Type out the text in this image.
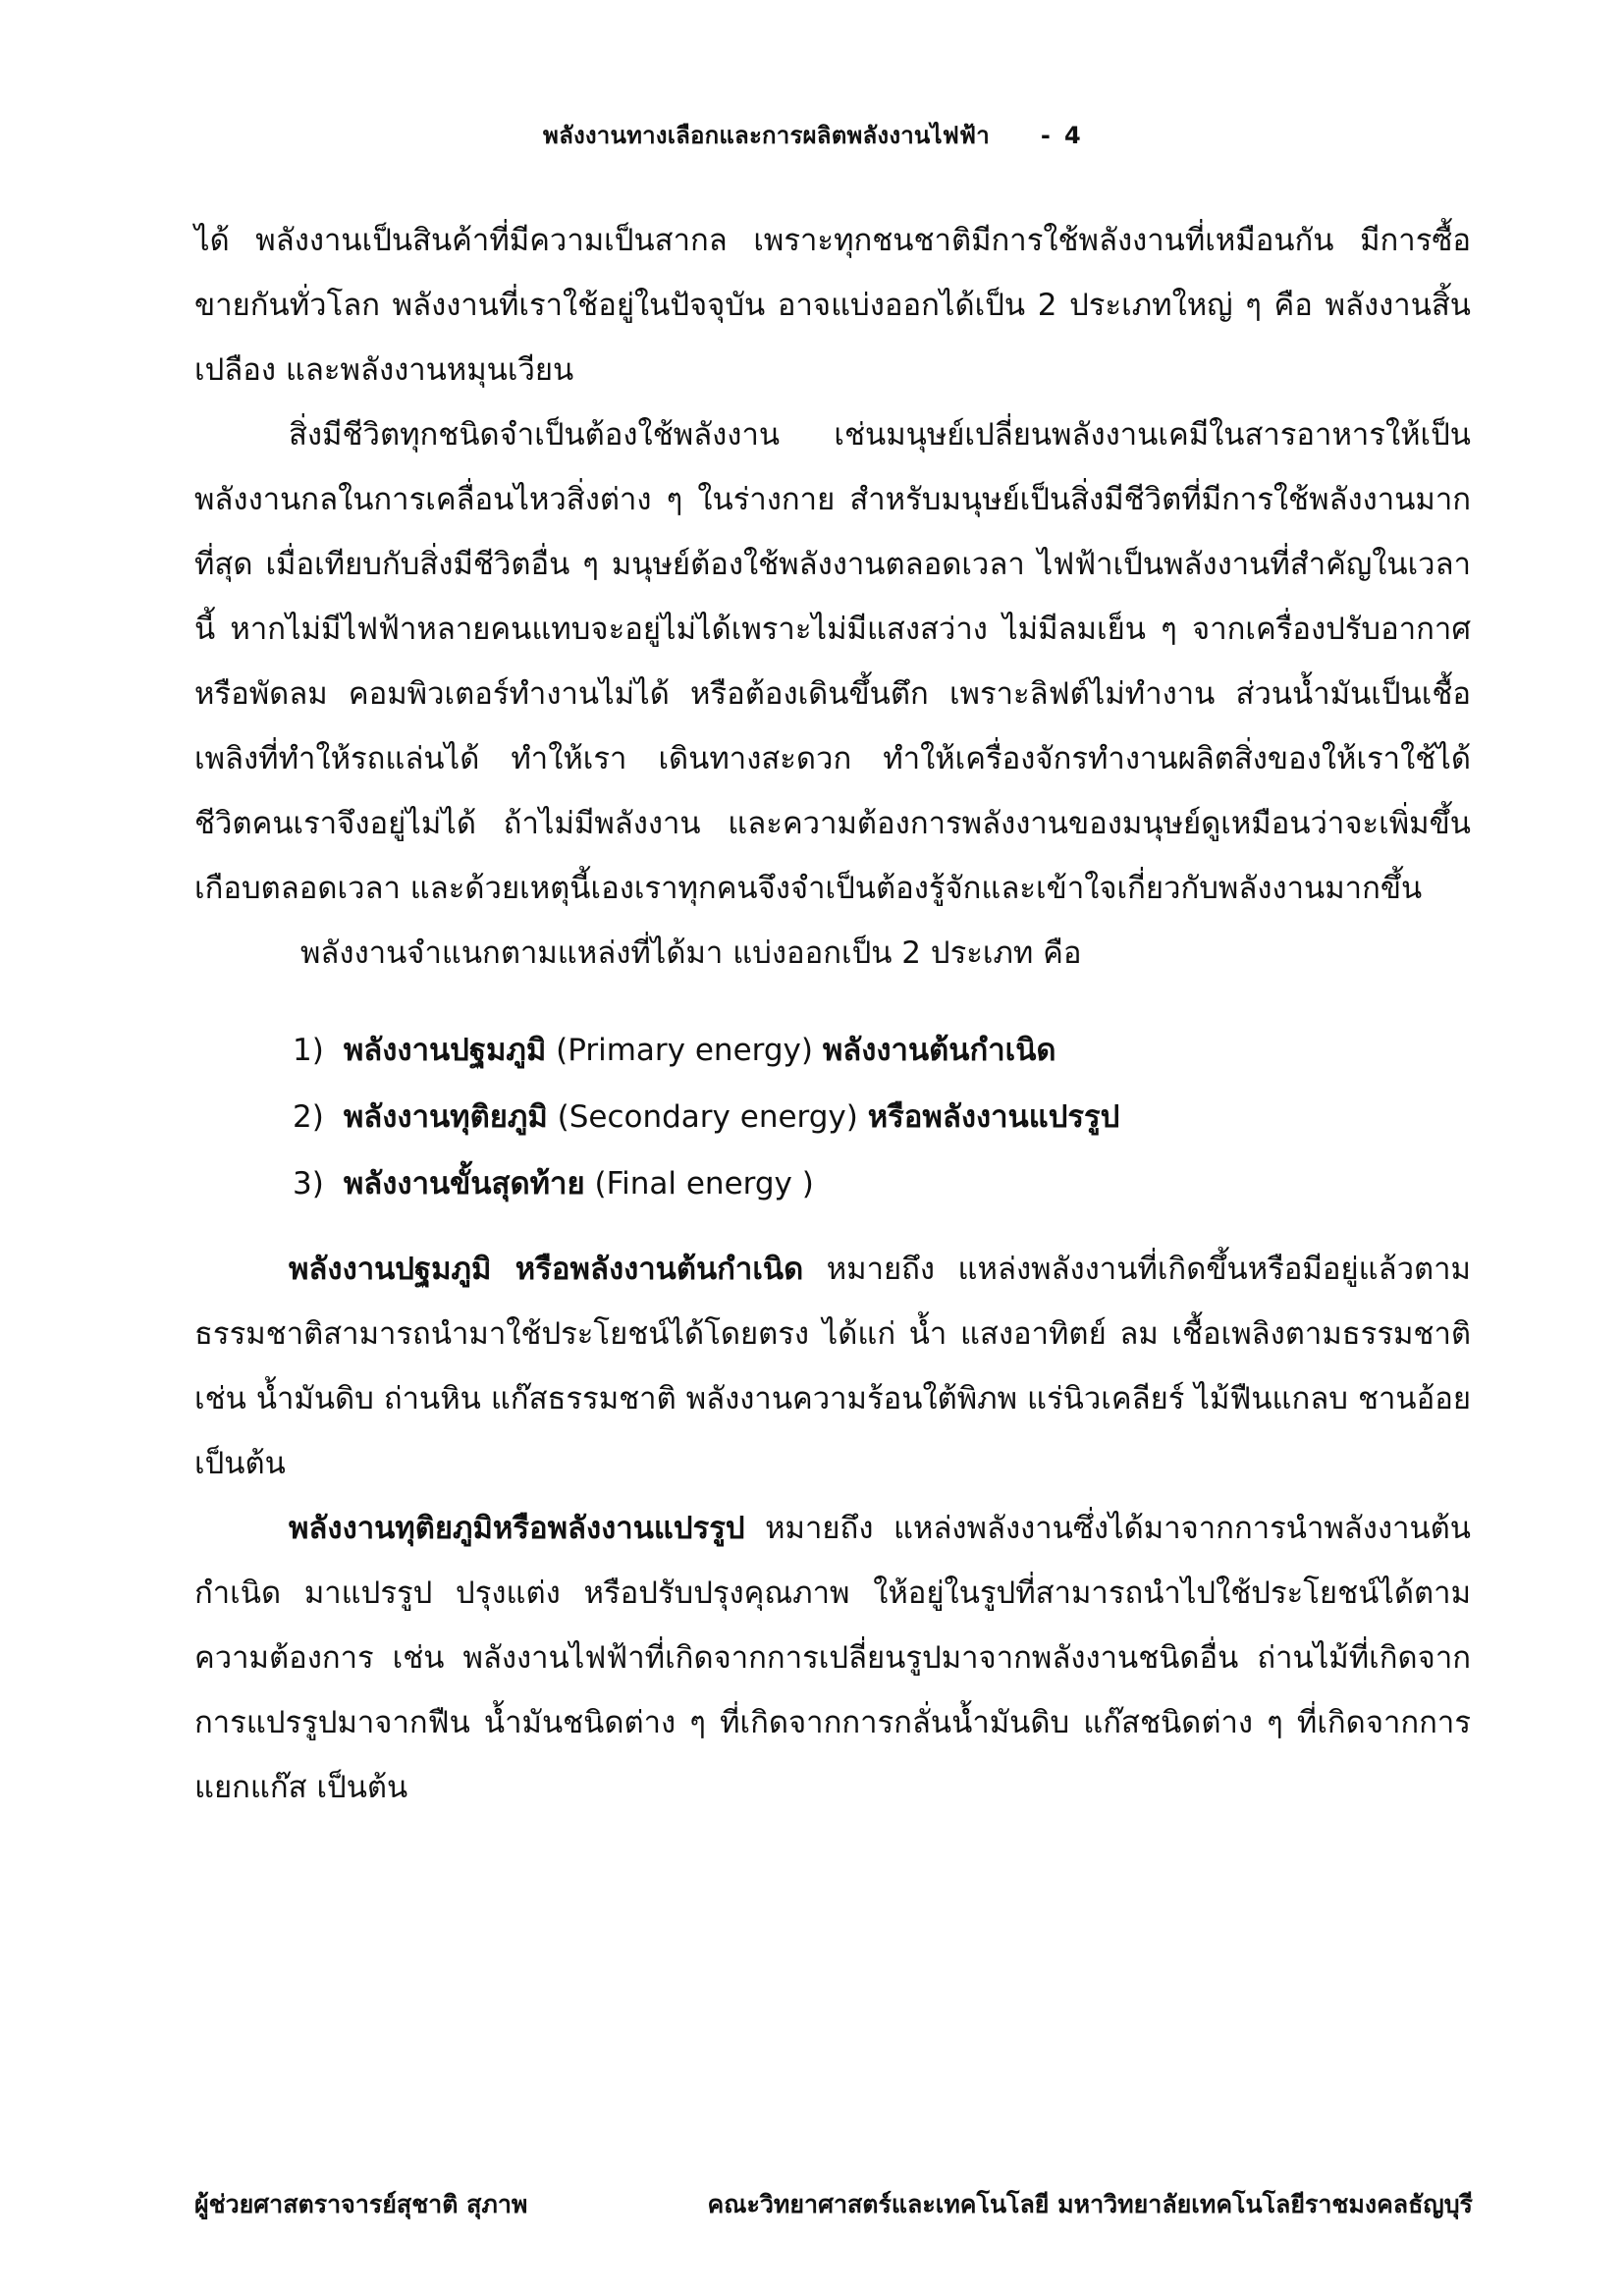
พลังงานทางเลือกและการผลิตพลังงานไฟฟ้า - 4

ได้ พลังงานเป็นสินค้าที่มีความเป็นสากล เพราะทุกชนชาติมีการใช้พลังงานที่เหมือนกัน มีการซื้อขายกันทั่วโลก พลังงานที่เราใช้อยู่ในปัจจุบัน อาจแบ่งออกได้เป็น 2 ประเภทใหญ่ ๆ คือ พลังงานสิ้นเปลือง และพลังงานหมุนเวียน

สิ่งมีชีวิตทุกชนิดจำเป็นต้องใช้พลังงาน เช่นมนุษย์เปลี่ยนพลังงานเคมีในสารอาหารให้เป็นพลังงานกลในการเคลื่อนไหวสิ่งต่าง ๆ ในร่างกาย สำหรับมนุษย์เป็นสิ่งมีชีวิตที่มีการใช้พลังงานมากที่สุด เมื่อเทียบกับสิ่งมีชีวิตอื่น ๆ มนุษย์ต้องใช้พลังงานตลอดเวลา ไฟฟ้าเป็นพลังงานที่สำคัญในเวลานี้ หากไม่มีไฟฟ้าหลายคนแทบจะอยู่ไม่ได้เพราะไม่มีแสงสว่าง ไม่มีลมเย็น ๆ จากเครื่องปรับอากาศ หรือพัดลม คอมพิวเตอร์ทำงานไม่ได้ หรือต้องเดินขึ้นตึก เพราะลิฟต์ไม่ทำงาน ส่วนน้ำมันเป็นเชื้อเพลิงที่ทำให้รถแล่นได้ ทำให้เรา เดินทางสะดวก ทำให้เครื่องจักรทำงานผลิตสิ่งของให้เราใช้ได้ ชีวิตคนเราจึงอยู่ไม่ได้ ถ้าไม่มีพลังงาน และความต้องการพลังงานของมนุษย์ดูเหมือนว่าจะเพิ่มขึ้นเกือบตลอดเวลา และด้วยเหตุนี้เองเราทุกคนจึงจำเป็นต้องรู้จักและเข้าใจเกี่ยวกับพลังงานมากขึ้น

พลังงานจำแนกตามแหล่งที่ได้มา แบ่งออกเป็น 2 ประเภท คือ

1) พลังงานปฐมภูมิ (Primary energy) พลังงานต้นกำเนิด
2) พลังงานทุติยภูมิ (Secondary energy) หรือพลังงานแปรรูป
3) พลังงานขั้นสุดท้าย (Final energy )

พลังงานปฐมภูมิ หรือพลังงานต้นกำเนิด หมายถึง แหล่งพลังงานที่เกิดขึ้นหรือมีอยู่แล้วตามธรรมชาติสามารถนำมาใช้ประโยชน์ได้โดยตรง ได้แก่ น้ำ แสงอาทิตย์ ลม เชื้อเพลิงตามธรรมชาติ เช่น น้ำมันดิบ ถ่านหิน แก๊สธรรมชาติ พลังงานความร้อนใต้พิภพ แร่นิวเคลียร์ ไม้ฟืนแกลบ ชานอ้อย เป็นต้น

พลังงานทุติยภูมิหรือพลังงานแปรรูป หมายถึง แหล่งพลังงานซึ่งได้มาจากการนำพลังงานต้นกำเนิด มาแปรรูป ปรุงแต่ง หรือปรับปรุงคุณภาพ ให้อยู่ในรูปที่สามารถนำไปใช้ประโยชน์ได้ตามความต้องการ เช่น พลังงานไฟฟ้าที่เกิดจากการเปลี่ยนรูปมาจากพลังงานชนิดอื่น ถ่านไม้ที่เกิดจากการแปรรูปมาจากฟืน น้ำมันชนิดต่าง ๆ ที่เกิดจากการกลั่นน้ำมันดิบ แก๊สชนิดต่าง ๆ ที่เกิดจากการแยกแก๊ส เป็นต้น

ผู้ช่วยศาสตราจารย์สุชาติ สุภาพ	คณะวิทยาศาสตร์และเทคโนโลยี มหาวิทยาลัยเทคโนโลยีราชมงคลธัญบุรี
